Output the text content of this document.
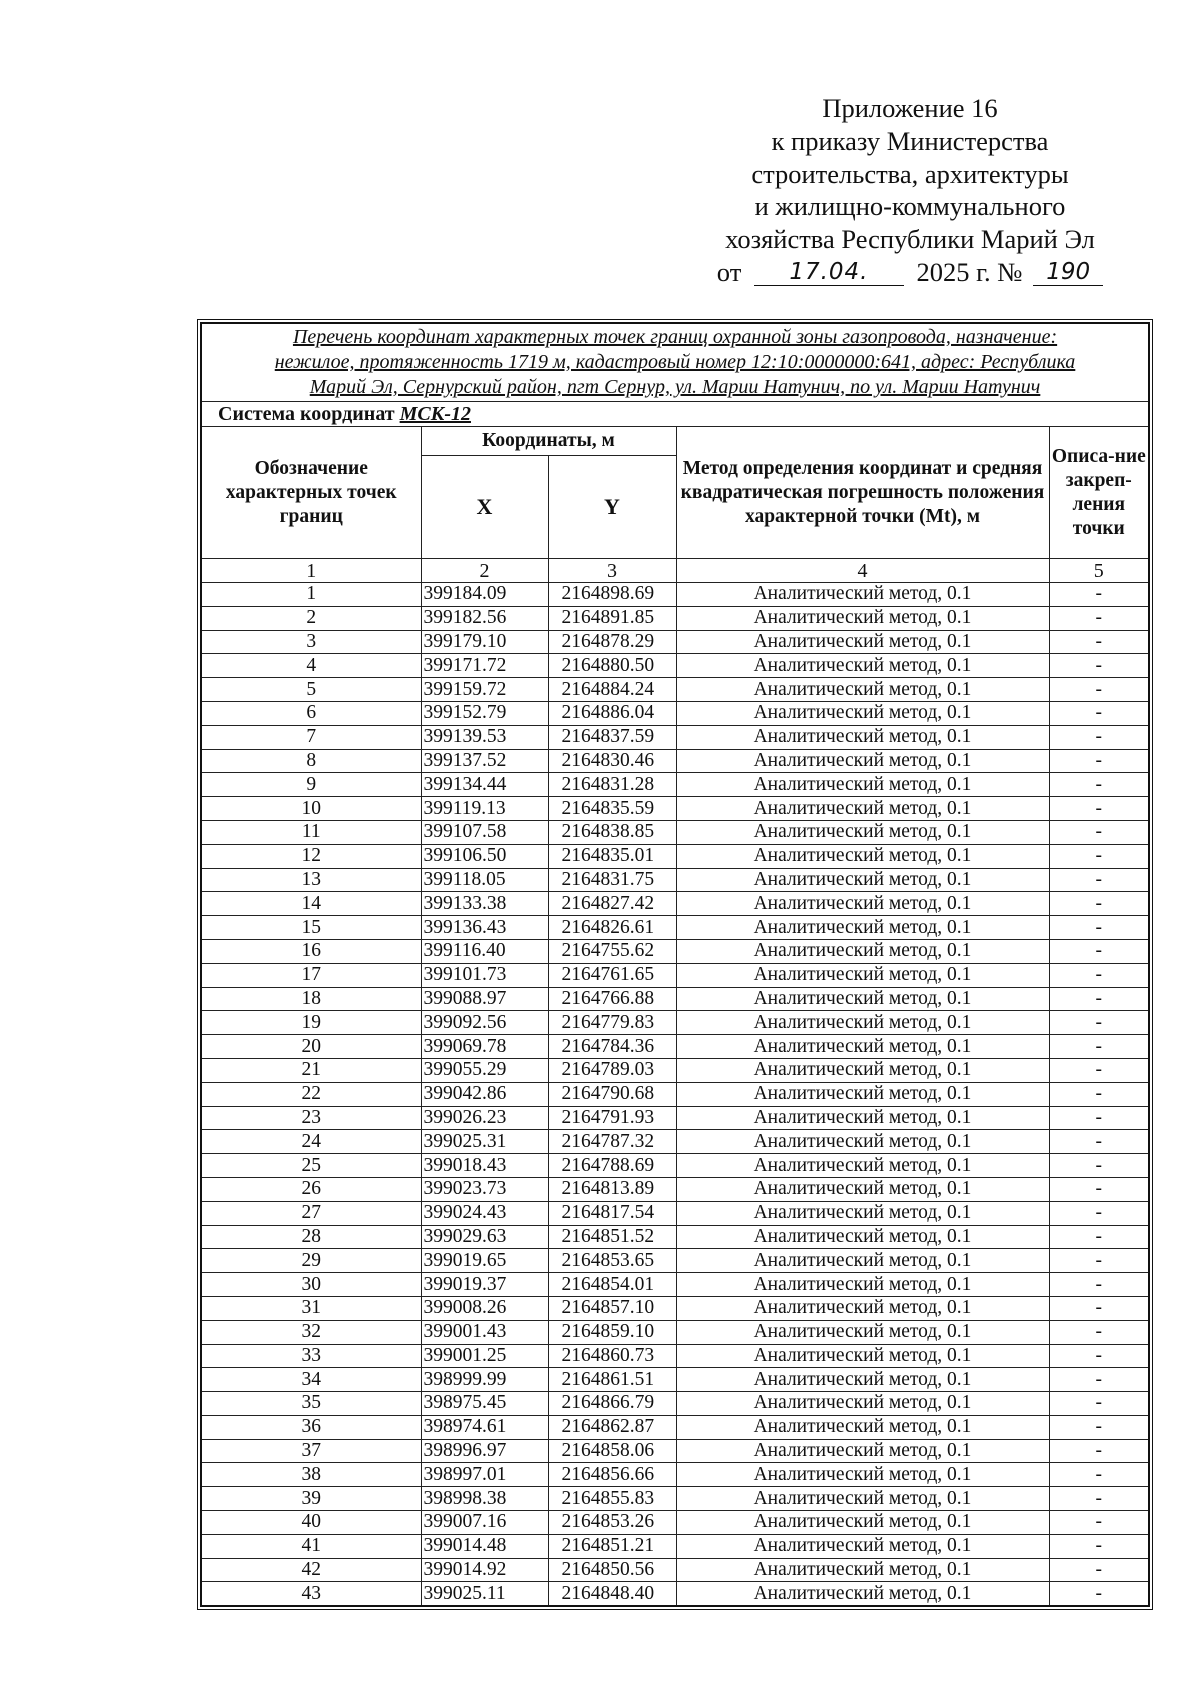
Приложение 16
к приказу Министерства
строительства, архитектуры
и жилищно-коммунального
хозяйства Республики Марий Эл
от 17.04. 2025 г. № 190
Перечень координат характерных точек границ охранной зоны газопровода, назначение:
нежилое, протяженность 1719 м, кадастровый номер 12:10:0000000:641, адрес: Республика
Марий Эл, Сернурский район, пгт Сернур, ул. Марии Натунич, по ул. Марии Натунич				

Система координат МСК-12				
Обозначение характерных точек границ	Координаты, м		Метод определения координат и средняя квадратическая погрешность положения характерной точки (Mt), м	Описа-ние закреп-ления точки
	X	Y		
1	2	3	4	5
1	399184.09	2164898.69	Аналитический метод, 0.1	-
2	399182.56	2164891.85	Аналитический метод, 0.1	-
3	399179.10	2164878.29	Аналитический метод, 0.1	-
4	399171.72	2164880.50	Аналитический метод, 0.1	-
5	399159.72	2164884.24	Аналитический метод, 0.1	-
6	399152.79	2164886.04	Аналитический метод, 0.1	-
7	399139.53	2164837.59	Аналитический метод, 0.1	-
8	399137.52	2164830.46	Аналитический метод, 0.1	-
9	399134.44	2164831.28	Аналитический метод, 0.1	-
10	399119.13	2164835.59	Аналитический метод, 0.1	-
11	399107.58	2164838.85	Аналитический метод, 0.1	-
12	399106.50	2164835.01	Аналитический метод, 0.1	-
13	399118.05	2164831.75	Аналитический метод, 0.1	-
14	399133.38	2164827.42	Аналитический метод, 0.1	-
15	399136.43	2164826.61	Аналитический метод, 0.1	-
16	399116.40	2164755.62	Аналитический метод, 0.1	-
17	399101.73	2164761.65	Аналитический метод, 0.1	-
18	399088.97	2164766.88	Аналитический метод, 0.1	-
19	399092.56	2164779.83	Аналитический метод, 0.1	-
20	399069.78	2164784.36	Аналитический метод, 0.1	-
21	399055.29	2164789.03	Аналитический метод, 0.1	-
22	399042.86	2164790.68	Аналитический метод, 0.1	-
23	399026.23	2164791.93	Аналитический метод, 0.1	-
24	399025.31	2164787.32	Аналитический метод, 0.1	-
25	399018.43	2164788.69	Аналитический метод, 0.1	-
26	399023.73	2164813.89	Аналитический метод, 0.1	-
27	399024.43	2164817.54	Аналитический метод, 0.1	-
28	399029.63	2164851.52	Аналитический метод, 0.1	-
29	399019.65	2164853.65	Аналитический метод, 0.1	-
30	399019.37	2164854.01	Аналитический метод, 0.1	-
31	399008.26	2164857.10	Аналитический метод, 0.1	-
32	399001.43	2164859.10	Аналитический метод, 0.1	-
33	399001.25	2164860.73	Аналитический метод, 0.1	-
34	398999.99	2164861.51	Аналитический метод, 0.1	-
35	398975.45	2164866.79	Аналитический метод, 0.1	-
36	398974.61	2164862.87	Аналитический метод, 0.1	-
37	398996.97	2164858.06	Аналитический метод, 0.1	-
38	398997.01	2164856.66	Аналитический метод, 0.1	-
39	398998.38	2164855.83	Аналитический метод, 0.1	-
40	399007.16	2164853.26	Аналитический метод, 0.1	-
41	399014.48	2164851.21	Аналитический метод, 0.1	-
42	399014.92	2164850.56	Аналитический метод, 0.1	-
43	399025.11	2164848.40	Аналитический метод, 0.1	-
